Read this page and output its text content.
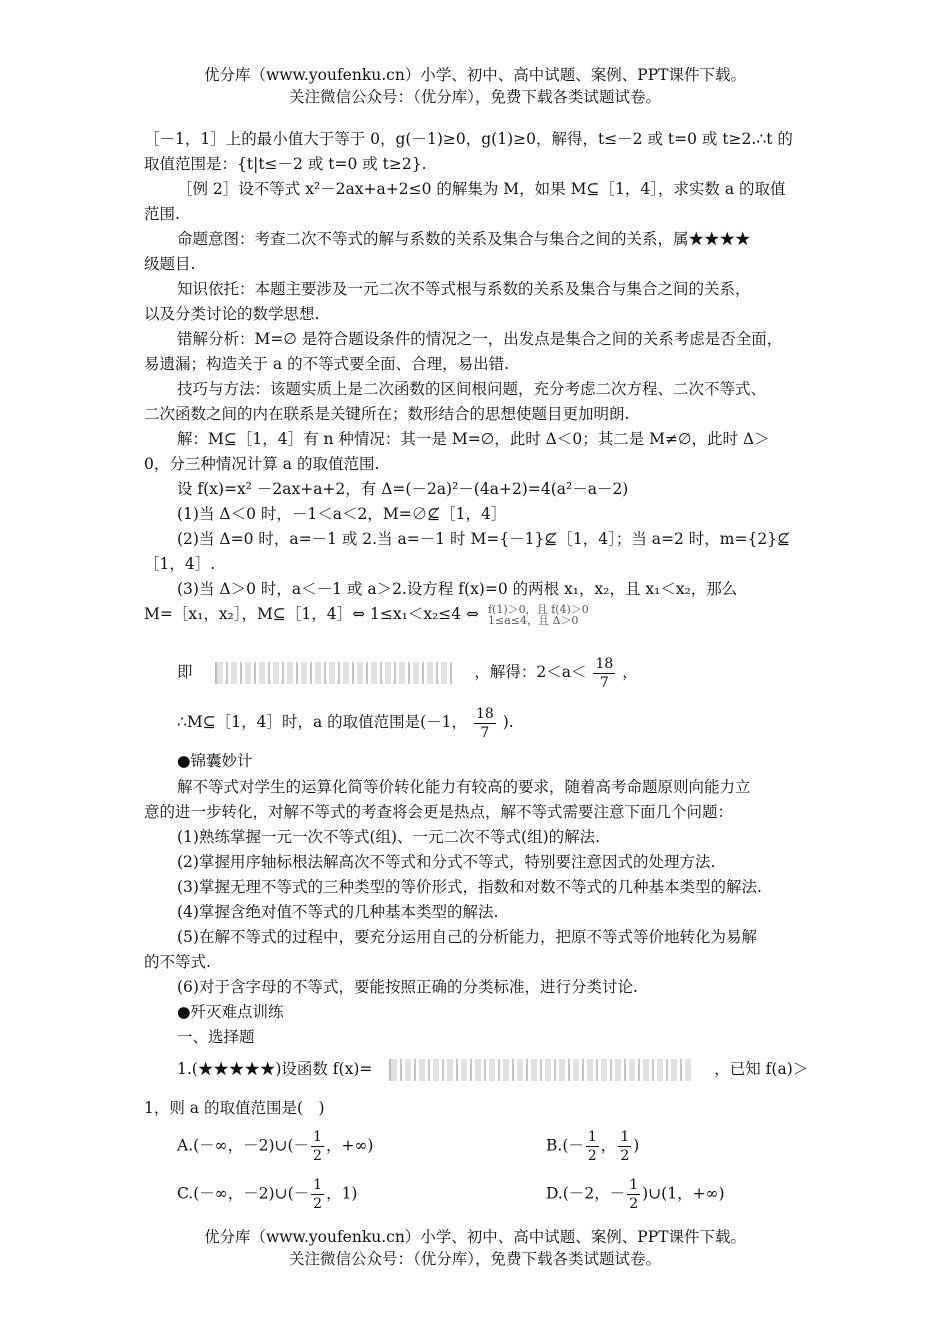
优分库（www.youfenku.cn）小学、初中、高中试题、案例、PPT课件下载。
关注微信公众号：（优分库），免费下载各类试题试卷。
［－1，1］上的最小值大于等于 0，g(－1)≥0，g(1)≥0，解得，t≤－2 或 t=0 或 t≥2.∴t 的
取值范围是：{t|t≤－2 或 t=0 或 t≥2}.
［例 2］设不等式 x²－2ax+a+2≤0 的解集为 M，如果 M⊆［1，4］，求实数 a 的取值
范围.
命题意图：考查二次不等式的解与系数的关系及集合与集合之间的关系，属★★★★
级题目.
知识依托：本题主要涉及一元二次不等式根与系数的关系及集合与集合之间的关系，
以及分类讨论的数学思想.
错解分析：M=∅ 是符合题设条件的情况之一，出发点是集合之间的关系考虑是否全面，
易遗漏；构造关于 a 的不等式要全面、合理，易出错.
技巧与方法：该题实质上是二次函数的区间根问题，充分考虑二次方程、二次不等式、
二次函数之间的内在联系是关键所在；数形结合的思想使题目更加明朗.
解：M⊆［1，4］有 n 种情况：其一是 M=∅，此时 Δ＜0；其二是 M≠∅，此时 Δ＞
0，分三种情况计算 a 的取值范围.
设 f(x)=x² －2ax+a+2，有 Δ=(－2a)²－(4a+2)=4(a²－a－2)
(1)当 Δ＜0 时，－1＜a＜2，M=∅⊈［1，4］
(2)当 Δ=0 时，a=－1 或 2.当 a=－1 时 M={－1}⊈［1，4］；当 a=2 时，m={2}⊈
［1，4］.
(3)当 Δ＞0 时，a＜－1 或 a＞2.设方程 f(x)=0 的两根 x₁，x₂，且 x₁＜x₂，那么
M=［x₁，x₂］，M⊆［1，4］⇔ 1≤x₁＜x₂≤4 ⇔ f(1)＞0，且 f(4)＞0
1≤a≤4，且 Δ＞0
即	，解得：$2<a< \frac{18}{7}$ ，
∴M⊆［1，4］时，a 的取值范围是(－1， $\frac{18}{7}$ ).
●锦囊妙计
解不等式对学生的运算化简等价转化能力有较高的要求，随着高考命题原则向能力立
意的进一步转化，对解不等式的考查将会更是热点，解不等式需要注意下面几个问题：
(1)熟练掌握一元一次不等式(组)、一元二次不等式(组)的解法.
(2)掌握用序轴标根法解高次不等式和分式不等式，特别要注意因式的处理方法.
(3)掌握无理不等式的三种类型的等价形式，指数和对数不等式的几种基本类型的解法.
(4)掌握含绝对值不等式的几种基本类型的解法.
(5)在解不等式的过程中，要充分运用自己的分析能力，把原不等式等价地转化为易解
的不等式.
(6)对于含字母的不等式，要能按照正确的分类标准，进行分类讨论.
●歼灭难点训练
一、选择题
1.(★★★★★)设函数 f(x)=	，已知 f(a)＞
1，则 a 的取值范围是(　)
A.(－∞，－2)∪(－ $\frac{1}{2}$ ，+∞)	$B.(- \frac{1}{2}$ ， $\frac{1}{2}$ )
C.(－∞，－2)∪(－ $\frac{1}{2}$ ，1)	D.(－2，－ $\frac{1}{2}$ )∪(1，+∞)
优分库（www.youfenku.cn）小学、初中、高中试题、案例、PPT课件下载。
关注微信公众号：（优分库），免费下载各类试题试卷。
